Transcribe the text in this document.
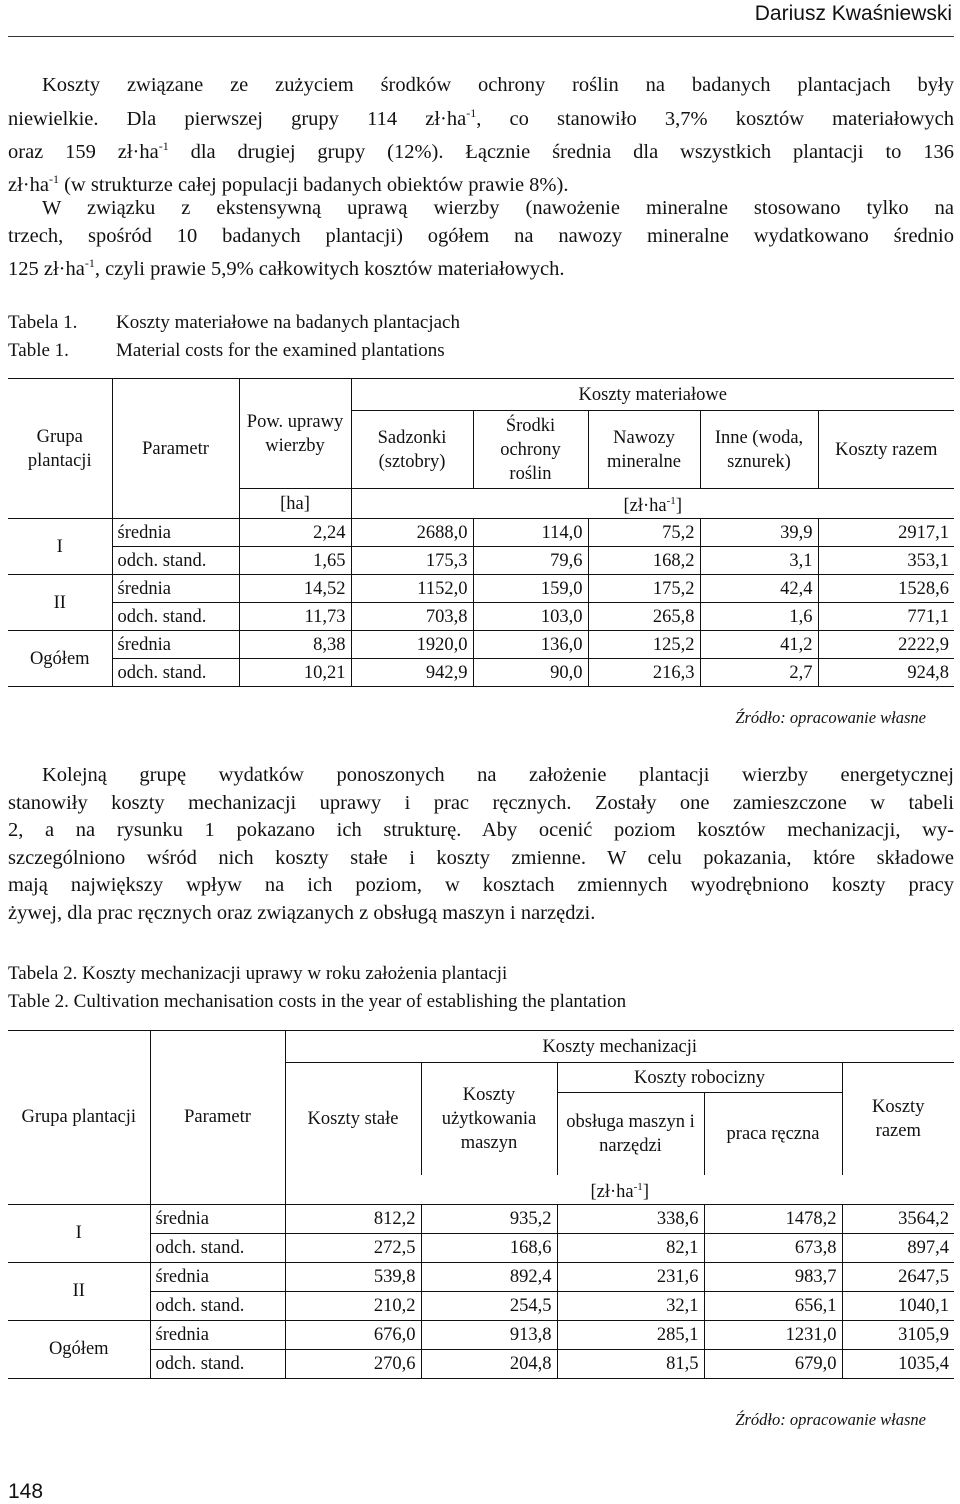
Dariusz Kwaśniewski
Koszty związane ze zużyciem środków ochrony roślin na badanych plantacjach były
niewielkie. Dla pierwszej grupy 114 $zł\cdot ha^{-1}$, co stanowiło 3,7% kosztów materiałowych
oraz 159 $zł\cdot ha^{-1}$ dla drugiej grupy (12%). Łącznie średnia dla wszystkich plantacji to 136
$zł\cdot ha^{-1}$ (w strukturze całej populacji badanych obiektów prawie 8%).
W związku z ekstensywną uprawą wierzby (nawożenie mineralne stosowano tylko na
trzech, spośród 10 badanych plantacji) ogółem na nawozy mineralne wydatkowano średnio
125 $zł\cdot ha^{-1}$, czyli prawie 5,9% całkowitych kosztów materiałowych.
Tabela 1. Koszty materiałowe na badanych plantacjach
Table 1. Material costs for the examined plantations
Grupa plantacji	Parametr	Pow. uprawy wierzby	Koszty materiałowe				
			Sadzonki (sztobry)	Środki ochrony roślin	Nawozy mineralne	Inne (woda, sznurek)	Koszty razem
		[ha]	$[zł\cdot ha^{-1}]$				
I	średnia	2,24	2688,0	114,0	75,2	39,9	2917,1
	odch. stand.	1,65	175,3	79,6	168,2	3,1	353,1
II	średnia	14,52	1152,0	159,0	175,2	42,4	1528,6
	odch. stand.	11,73	703,8	103,0	265,8	1,6	771,1
Ogółem	średnia	8,38	1920,0	136,0	125,2	41,2	2222,9
	odch. stand.	10,21	942,9	90,0	216,3	2,7	924,8
Źródło: opracowanie własne
Kolejną grupę wydatków ponoszonych na założenie plantacji wierzby energetycznej
stanowiły koszty mechanizacji uprawy i prac ręcznych. Zostały one zamieszczone w tabeli
2, a na rysunku 1 pokazano ich strukturę. Aby ocenić poziom kosztów mechanizacji, wy-
szczególniono wśród nich koszty stałe i koszty zmienne. W celu pokazania, które składowe
mają największy wpływ na ich poziom, w kosztach zmiennych wyodrębniono koszty pracy
żywej, dla prac ręcznych oraz związanych z obsługą maszyn i narzędzi.
Tabela 2. Koszty mechanizacji uprawy w roku założenia plantacji
Table 2. Cultivation mechanisation costs in the year of establishing the plantation
Grupa plantacji	Parametr	Koszty mechanizacji				
		Koszty stałe	Koszty użytkowania maszyn	Koszty robocizny		Koszty razem
				obsługa maszyn i narzędzi	praca ręczna	
		$[zł\cdot ha^{-1}]$				
I	średnia	812,2	935,2	338,6	1478,2	3564,2
	odch. stand.	272,5	168,6	82,1	673,8	897,4
II	średnia	539,8	892,4	231,6	983,7	2647,5
	odch. stand.	210,2	254,5	32,1	656,1	1040,1
Ogółem	średnia	676,0	913,8	285,1	1231,0	3105,9
	odch. stand.	270,6	204,8	81,5	679,0	1035,4
Źródło: opracowanie własne
148
